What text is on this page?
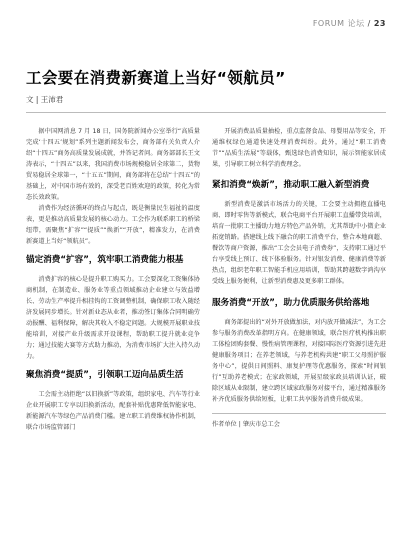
FORUM 论坛 / 23
工会要在消费新赛道上当好“领航员”
文 | 王沛君

据中国网消息 7 月 18 日，国务院新闻办公室举行“高质量完成‘十四五’规划”系列主题新闻发布会，商务部有关负责人介绍“十四五”商务高质量发展成就，并答记者问。商务部部长王文涛表示，“十四五”以来，我国消费市场规模稳居全球第二，货物贸易稳居全球第一，“十五五”期间，商务部将在总结“十四五”的基础上，对中国市场有效的，深受老百姓欢迎的政策，转化为常态长效政策。

消费作为经济循环的终点与起点，既是衡量民生福祉的温度表，更是推动高质量发展的核心动力。工会作为联系职工的桥梁纽带，需聚焦“扩容”“提质”“焕新”“开放”，精准发力，在消费新赛道上当好“领航员”。

锚定消费“扩容”，筑牢职工消费能力根基

消费扩容的核心是提升职工购买力。工会要深化工资集体协商机制，在制造业、服务业等重点领域推动企业建立与效益增长、劳动生产率提升相挂钩的工资调整机制，确保职工收入随经济发展同步增长。针对新业态从业者，推动签订集体合同明确劳动报酬、福利保障，解决其收入不稳定问题。大规模开展职业技能培训，对接产业升级需求开设课程，帮助职工提升就业竞争力；通过技能大赛等方式助力推动，为消费市场扩大注入持久动力。

聚焦消费“提质”，引领职工迈向品质生活

工会需主动拒绝“以旧换新”等政策，组织家电、汽车等行业企业开展职工专享以旧换新活动，配套补贴优惠降低智能家电、新能源汽车等绿色产品消费门槛。建立职工消费维权协作机制，联合市场监管部门

开展消费品质量抽检，重点监督食品、母婴用品等安全，开通维权绿色通道快速处理消费纠纷。此外，通过“职工消费节”“品质生活展”等载体，甄选绿色消费知识，展示智能家居成果，引导职工树立科学消费理念。

紧扣消费“焕新”，推动职工融入新型消费

新型消费是激活市场活力的关键，工会要主动拥抱直播电商、即时零售等新模式，联合电商平台开展职工直播带货培训，培育一批职工主播助力地方特色产品外销，尤其帮助中小微企业拓宽销路。搭建线上线下融合的职工消费平台，整合本地商超、餐饮等商户资源，推出“工会会员电子消费券”，支持职工通过平台享受线上预订、线下体验服务。针对银发消费、健康消费等新热点，组织老年职工智能手机应用培训，帮助其跨越数字鸿沟享受线上服务便利，让新型消费惠及更多职工群体。

服务消费“开放”，助力优质服务供给落地

商务部提出的“对外开放做加法，对内放开做减法”，为工会参与服务消费改革指明方向。在健康领域，联合医疗机构推出职工体检团购套餐、慢性病管理课程，对接国际医疗资源引进先进健康服务项目；在养老领域，与养老机构共建“职工父母照护服务中心”，提供日间照料、康复护理等优惠服务，探索“时间银行”互助养老模式；在家政领域，开展星级家政员培训认证，破除区域从业限制，建立跨区域家政服务对接平台，通过精准服务补齐优质服务供给短板，让职工共享服务消费升级成果。

作者单位 | 肇庆市总工会
